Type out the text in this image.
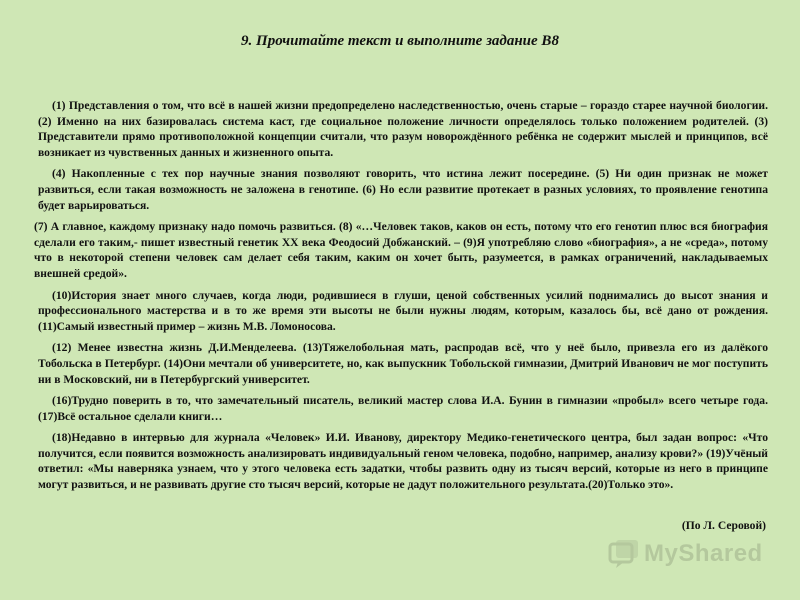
9. Прочитайте текст и выполните задание В8

(1) Представления о том, что всё в нашей жизни предопределено наследственностью, очень старые – гораздо старее научной биологии. (2) Именно на них базировалась система каст, где социальное положение личности определялось только положением родителей. (3) Представители прямо противоположной концепции считали, что разум новорождённого ребёнка не содержит мыслей и принципов, всё возникает из чувственных данных и жизненного опыта.

(4) Накопленные с тех пор научные знания позволяют говорить, что истина лежит посередине. (5) Ни один признак не может развиться, если такая возможность не заложена в генотипе. (6) Но если развитие протекает в разных условиях, то проявление генотипа будет варьироваться.

(7) А главное, каждому признаку надо помочь развиться. (8) «…Человек таков, каков он есть, потому что его генотип плюс вся биография сделали его таким,- пишет известный генетик XX века Феодосий Добжанский. – (9)Я употребляю слово «биография», а не «среда», потому что в некоторой степени человек сам делает себя таким, каким он хочет быть, разумеется, в рамках ограничений, накладываемых внешней средой».

(10)История знает много случаев, когда люди, родившиеся в глуши, ценой собственных усилий поднимались до высот знания и профессионального мастерства и в то же время эти высоты не были нужны людям, которым, казалось бы, всё дано от рождения. (11)Самый известный пример – жизнь М.В. Ломоносова.

(12) Менее известна жизнь Д.И.Менделеева. (13)Тяжелобольная мать, распродав всё, что у неё было, привезла его из далёкого Тобольска в Петербург. (14)Они мечтали об университете, но, как выпускник Тобольской гимназии, Дмитрий Иванович не мог поступить ни в Московский, ни в Петербургский университет.

(16)Трудно поверить в то, что замечательный писатель, великий мастер слова И.А. Бунин в гимназии «пробыл» всего четыре года. (17)Всё остальное сделали книги…

(18)Недавно в интервью для журнала «Человек» И.И. Иванову, директору Медико-генетического центра, был задан вопрос: «Что получится, если появится возможность анализировать индивидуальный геном человека, подобно, например, анализу крови?» (19)Учёный ответил: «Мы наверняка узнаем, что у этого человека есть задатки, чтобы развить одну из тысяч версий, которые из него в принципе могут развиться, и не развивать другие сто тысяч версий, которые не дадут положительного результата.(20)Только это».

(По Л. Серовой)
MyShared
